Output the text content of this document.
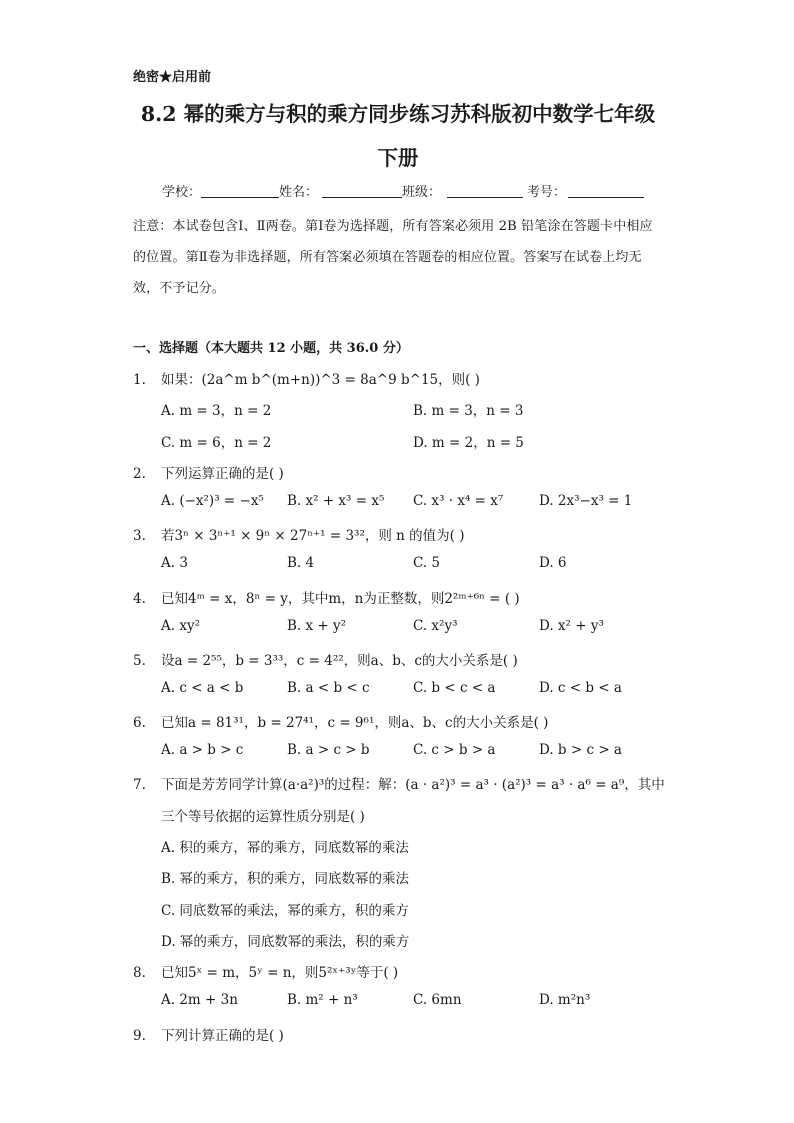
绝密★启用前
8.2 幂的乘方与积的乘方同步练习苏科版初中数学七年级
下册
学校：	姓名：	班级：	考号：
注意：本试卷包含Ⅰ、Ⅱ两卷。第Ⅰ卷为选择题，所有答案必须用 2B 铅笔涂在答题卡中相应的位置。第Ⅱ卷为非选择题，所有答案必须填在答题卷的相应位置。答案写在试卷上均无效，不予记分。
一、选择题（本大题共 12 小题，共 36.0 分）
1. 如果：(2a^m b^(m+n))^3 = 8a^9 b^15，则( )
A. m = 3，n = 2	B. m = 3，n = 3
C. m = 6，n = 2	D. m = 2，n = 5
2. 下列运算正确的是( )
A. (−x²)³ = −x⁵ B. x² + x³ = x⁵ C. x³ · x⁴ = x⁷	D. 2x³−x³ = 1
3. 若3ⁿ × 3ⁿ⁺¹ × 9ⁿ × 27ⁿ⁺¹ = 3³²，则 n 的值为( )
A. 3	B. 4	C. 5	D. 6
4. 已知4ᵐ = x，8ⁿ = y，其中m，n为正整数，则2²ᵐ⁺⁶ⁿ = ( )
A. xy²	B. x + y²	C. x²y³	D. x² + y³
5. 设a = 2⁵⁵，b = 3³³，c = 4²²，则a、b、c的大小关系是( )
A. c < a < b	B. a < b < c	C. b < c < a	D. c < b < a
6. 已知a = 81³¹，b = 27⁴¹，c = 9⁶¹，则a、b、c的大小关系是( )
A. a > b > c	B. a > c > b	C. c > b > a	D. b > c > a
7. 下面是芳芳同学计算(a·a²)³的过程：解：(a · a²)³ = a³ · (a²)³ = a³ · a⁶ = a⁹，其中
三个等号依据的运算性质分别是( )
A. 积的乘方，幂的乘方，同底数幂的乘法
B. 幂的乘方，积的乘方，同底数幂的乘法
C. 同底数幂的乘法，幂的乘方，积的乘方
D. 幂的乘方，同底数幂的乘法，积的乘方
8. 已知5ˣ = m，5ʸ = n，则5²ˣ⁺³ʸ等于( )
A. 2m + 3n	B. m² + n³	C. 6mn	D. m²n³
9. 下列计算正确的是( )
